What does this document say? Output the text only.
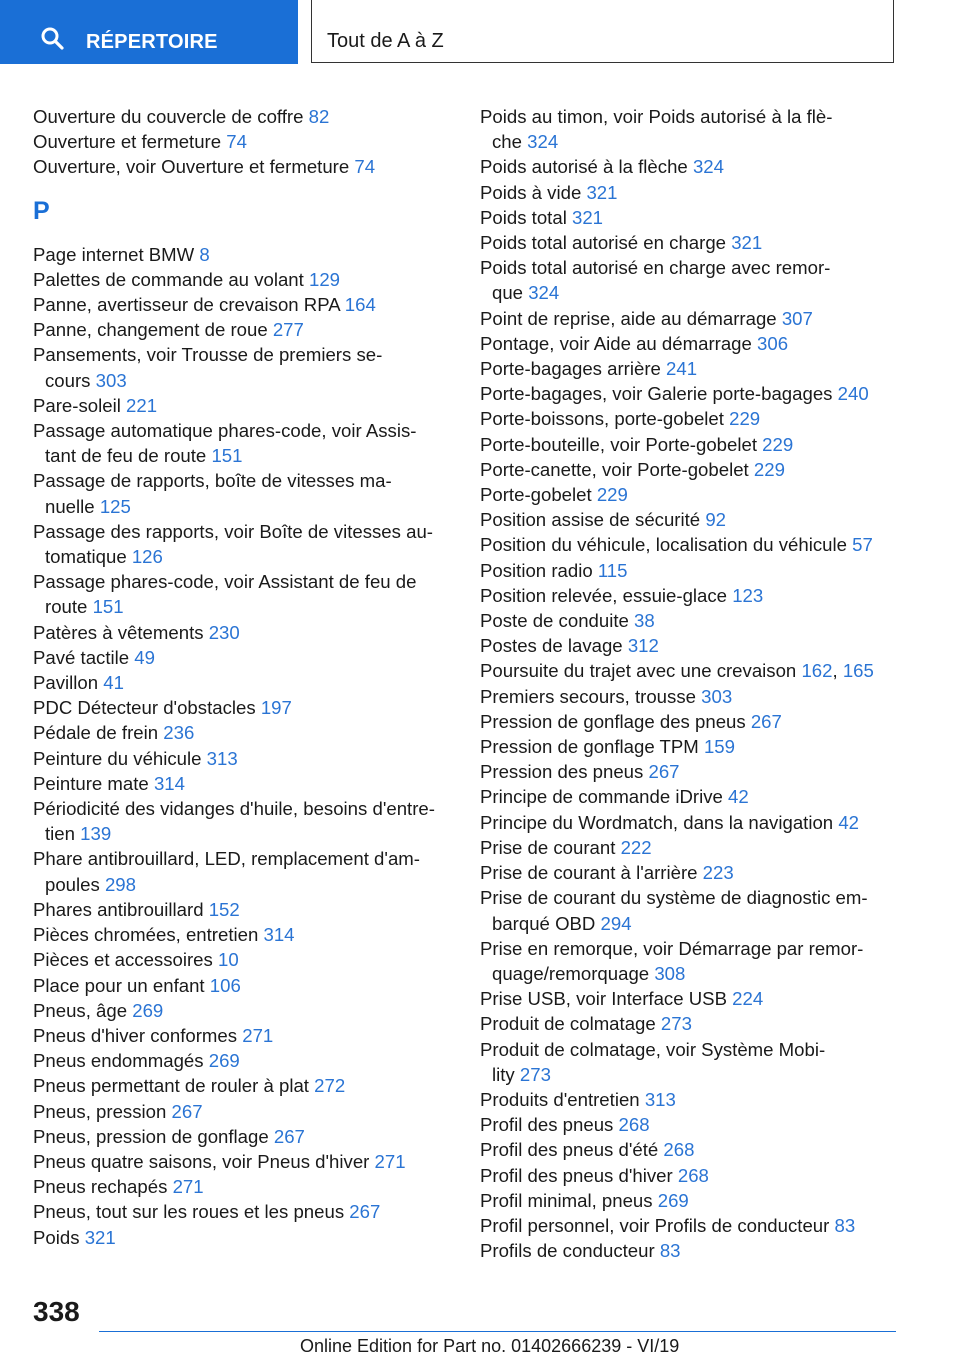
RÉPERTOIRE	Tout de A à Z
Ouverture du couvercle de coffre 82
Ouverture et fermeture 74
Ouverture, voir Ouverture et fermeture 74
P
Page internet BMW 8
Palettes de commande au volant 129
Panne, avertisseur de crevaison RPA 164
Panne, changement de roue 277
Pansements, voir Trousse de premiers se-
cours 303
Pare-soleil 221
Passage automatique phares-code, voir Assis-
tant de feu de route 151
Passage de rapports, boîte de vitesses ma-
nuelle 125
Passage des rapports, voir Boîte de vitesses au-
tomatique 126
Passage phares-code, voir Assistant de feu de
route 151
Patères à vêtements 230
Pavé tactile 49
Pavillon 41
PDC Détecteur d'obstacles 197
Pédale de frein 236
Peinture du véhicule 313
Peinture mate 314
Périodicité des vidanges d'huile, besoins d'entre-
tien 139
Phare antibrouillard, LED, remplacement d'am-
poules 298
Phares antibrouillard 152
Pièces chromées, entretien 314
Pièces et accessoires 10
Place pour un enfant 106
Pneus, âge 269
Pneus d'hiver conformes 271
Pneus endommagés 269
Pneus permettant de rouler à plat 272
Pneus, pression 267
Pneus, pression de gonflage 267
Pneus quatre saisons, voir Pneus d'hiver 271
Pneus rechapés 271
Pneus, tout sur les roues et les pneus 267
Poids 321
Poids au timon, voir Poids autorisé à la flè-
che 324
Poids autorisé à la flèche 324
Poids à vide 321
Poids total 321
Poids total autorisé en charge 321
Poids total autorisé en charge avec remor-
que 324
Point de reprise, aide au démarrage 307
Pontage, voir Aide au démarrage 306
Porte-bagages arrière 241
Porte-bagages, voir Galerie porte-bagages 240
Porte-boissons, porte-gobelet 229
Porte-bouteille, voir Porte-gobelet 229
Porte-canette, voir Porte-gobelet 229
Porte-gobelet 229
Position assise de sécurité 92
Position du véhicule, localisation du véhicule 57
Position radio 115
Position relevée, essuie-glace 123
Poste de conduite 38
Postes de lavage 312
Poursuite du trajet avec une crevaison 162, 165
Premiers secours, trousse 303
Pression de gonflage des pneus 267
Pression de gonflage TPM 159
Pression des pneus 267
Principe de commande iDrive 42
Principe du Wordmatch, dans la navigation 42
Prise de courant 222
Prise de courant à l'arrière 223
Prise de courant du système de diagnostic em-
barqué OBD 294
Prise en remorque, voir Démarrage par remor-
quage/remorquage 308
Prise USB, voir Interface USB 224
Produit de colmatage 273
Produit de colmatage, voir Système Mobi-
lity 273
Produits d'entretien 313
Profil des pneus 268
Profil des pneus d'été 268
Profil des pneus d'hiver 268
Profil minimal, pneus 269
Profil personnel, voir Profils de conducteur 83
Profils de conducteur 83
338
Online Edition for Part no. 01402666239 - VI/19
